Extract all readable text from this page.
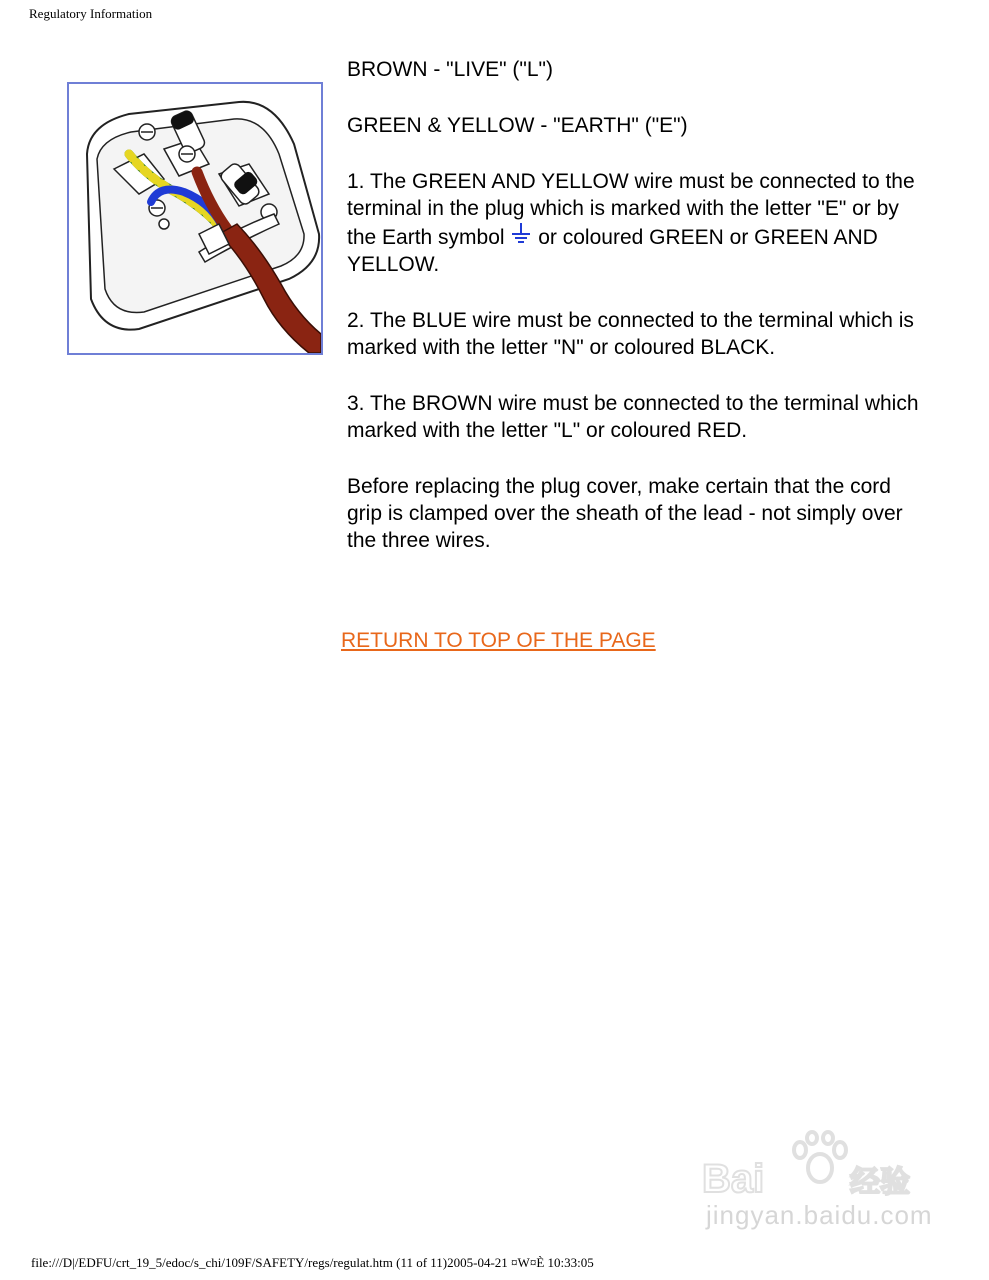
Regulatory Information

BROWN - "LIVE" ("L")

GREEN & YELLOW - "EARTH" ("E")

1. The GREEN AND YELLOW wire must be connected to the terminal in the plug which is marked with the letter "E" or by the Earth symbol  or coloured GREEN or GREEN AND YELLOW.

2. The BLUE wire must be connected to the terminal which is marked with the letter "N" or coloured BLACK.

3. The BROWN wire must be connected to the terminal which marked with the letter "L" or coloured RED.

Before replacing the plug cover, make certain that the cord grip is clamped over the sheath of the lead - not simply over the three wires.

RETURN TO TOP OF THE PAGE
Bai	经验
jingyan.baidu.com
file:///D|/EDFU/crt_19_5/edoc/s_chi/109F/SAFETY/regs/regulat.htm (11 of 11)2005-04-21 ¤W¤È 10:33:05
